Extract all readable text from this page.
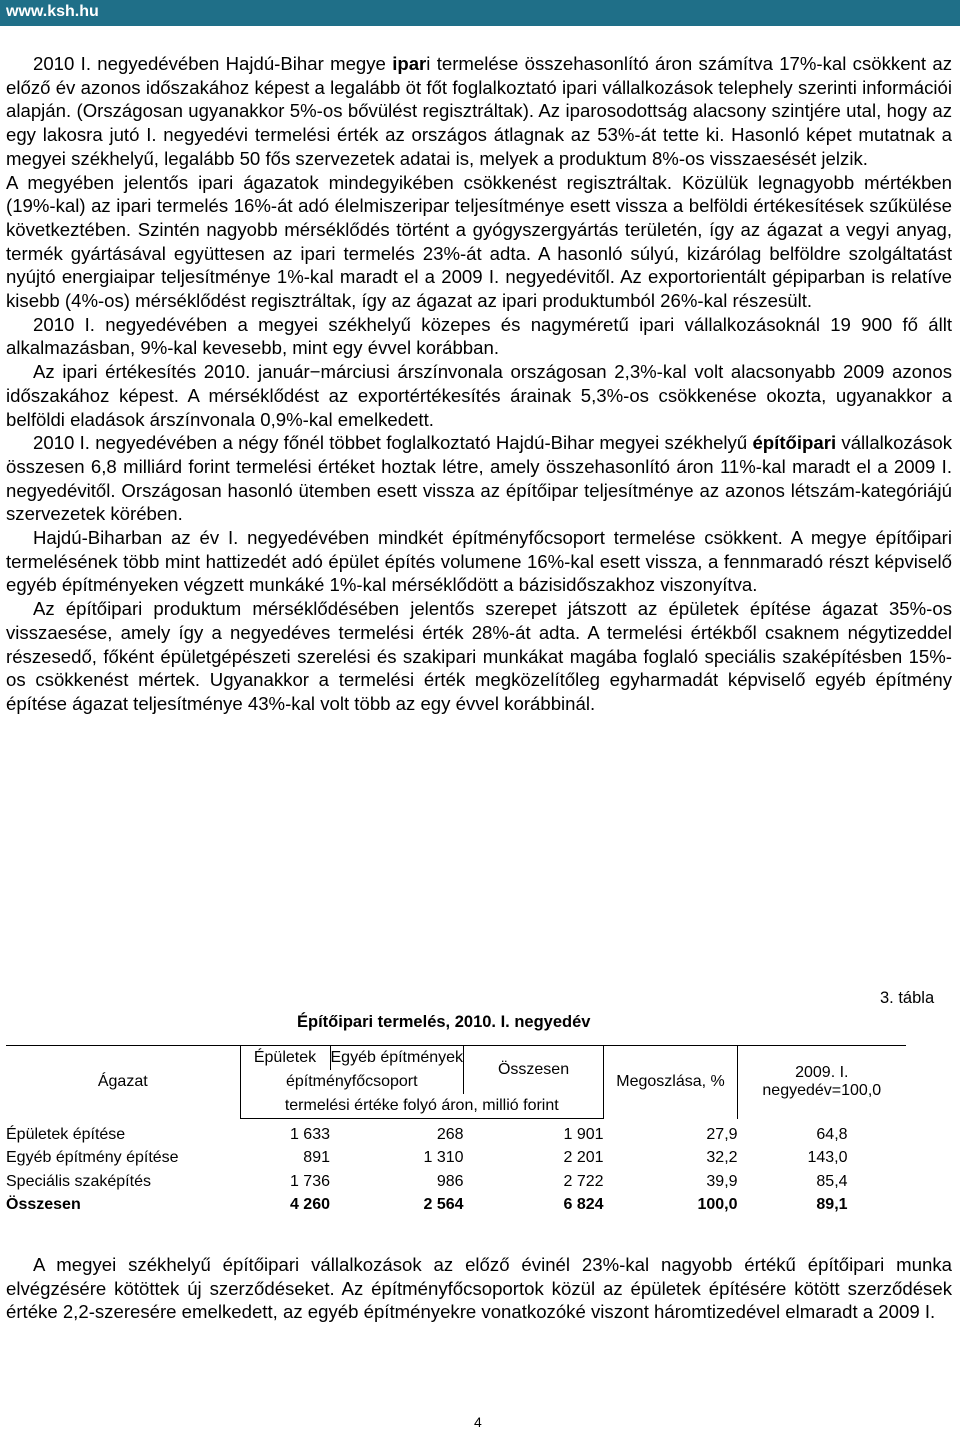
www.ksh.hu

2010 I. negyedévében Hajdú-Bihar megye ipari termelése összehasonlító áron számítva 17%-kal csökkent az előző év azonos időszakához képest a legalább öt főt foglalkoztató ipari vállalkozások telephely szerinti információi alapján. (Országosan ugyanakkor 5%-os bővülést regisztráltak). Az iparosodottság alacsony szintjére utal, hogy az egy lakosra jutó I. negyedévi termelési érték az országos átlagnak az 53%-át tette ki. Hasonló képet mutatnak a megyei székhelyű, legalább 50 fős szervezetek adatai is, melyek a produktum 8%-os visszaesését jelzik.

A megyében jelentős ipari ágazatok mindegyikében csökkenést regisztráltak. Közülük legnagyobb mértékben (19%-kal) az ipari termelés 16%-át adó élelmiszeripar teljesítménye esett vissza a belföldi értékesítések szűkülése következtében. Szintén nagyobb mérséklődés történt a gyógyszergyártás területén, így az ágazat a vegyi anyag, termék gyártásával együttesen az ipari termelés 23%-át adta. A hasonló súlyú, kizárólag belföldre szolgáltatást nyújtó energiaipar teljesítménye 1%-kal maradt el a 2009 I. negyedévitől. Az exportorientált gépiparban is relatíve kisebb (4%-os) mérséklődést regisztráltak, így az ágazat az ipari produktumból 26%-kal részesült.

2010 I. negyedévében a megyei székhelyű közepes és nagyméretű ipari vállalkozásoknál 19 900 fő állt alkalmazásban, 9%-kal kevesebb, mint egy évvel korábban.

Az ipari értékesítés 2010. január−márciusi árszínvonala országosan 2,3%-kal volt alacsonyabb 2009 azonos időszakához képest. A mérséklődést az exportértékesítés árainak 5,3%-os csökkenése okozta, ugyanakkor a belföldi eladások árszínvonala 0,9%-kal emelkedett.

2010 I. negyedévében a négy főnél többet foglalkoztató Hajdú-Bihar megyei székhelyű építőipari vállalkozások összesen 6,8 milliárd forint termelési értéket hoztak létre, amely összehasonlító áron 11%-kal maradt el a 2009 I. negyedévitől. Országosan hasonló ütemben esett vissza az építőipar teljesítménye az azonos létszám-kategóriájú szervezetek körében.

Hajdú-Biharban az év I. negyedévében mindkét építményfőcsoport termelése csökkent. A megye építőipari termelésének több mint hattizedét adó épület építés volumene 16%-kal esett vissza, a fennmaradó részt képviselő egyéb építményeken végzett munkáké 1%-kal mérséklődött a bázisidőszakhoz viszonyítva.

Az építőipari produktum mérséklődésében jelentős szerepet játszott az épületek építése ágazat 35%-os visszaesése, amely így a negyedéves termelési érték 28%-át adta. A termelési értékből csaknem négytizeddel részesedő, főként épületgépészeti szerelési és szakipari munkákat magába foglaló speciális szaképítésben 15%-os csökkenést mértek. Ugyanakkor a termelési érték megközelítőleg egyharmadát képviselő egyéb építmény építése ágazat teljesítménye 43%-kal volt több az egy évvel korábbinál.

3. tábla
Építőipari termelés, 2010. I. negyedév
Ágazat	Épületek	Egyéb építmények	Összesen	Megoszlása, %	2009. I.
negyedév=100,0

	építményfőcsoport				
	termelési értéke folyó áron, millió forint				
Épületek építése	1 633	268	1 901	27,9	64,8
Egyéb építmény építése	891	1 310	2 201	32,2	143,0
Speciális szaképítés	1 736	986	2 722	39,9	85,4
Összesen	4 260	2 564	6 824	100,0	89,1

A megyei székhelyű építőipari vállalkozások az előző évinél 23%-kal nagyobb értékű építőipari munka elvégzésére kötöttek új szerződéseket. Az építményfőcsoportok közül az épületek építésére kötött szerződések értéke 2,2-szeresére emelkedett, az egyéb építményekre vonatkozóké viszont háromtizedével elmaradt a 2009 I.

4
